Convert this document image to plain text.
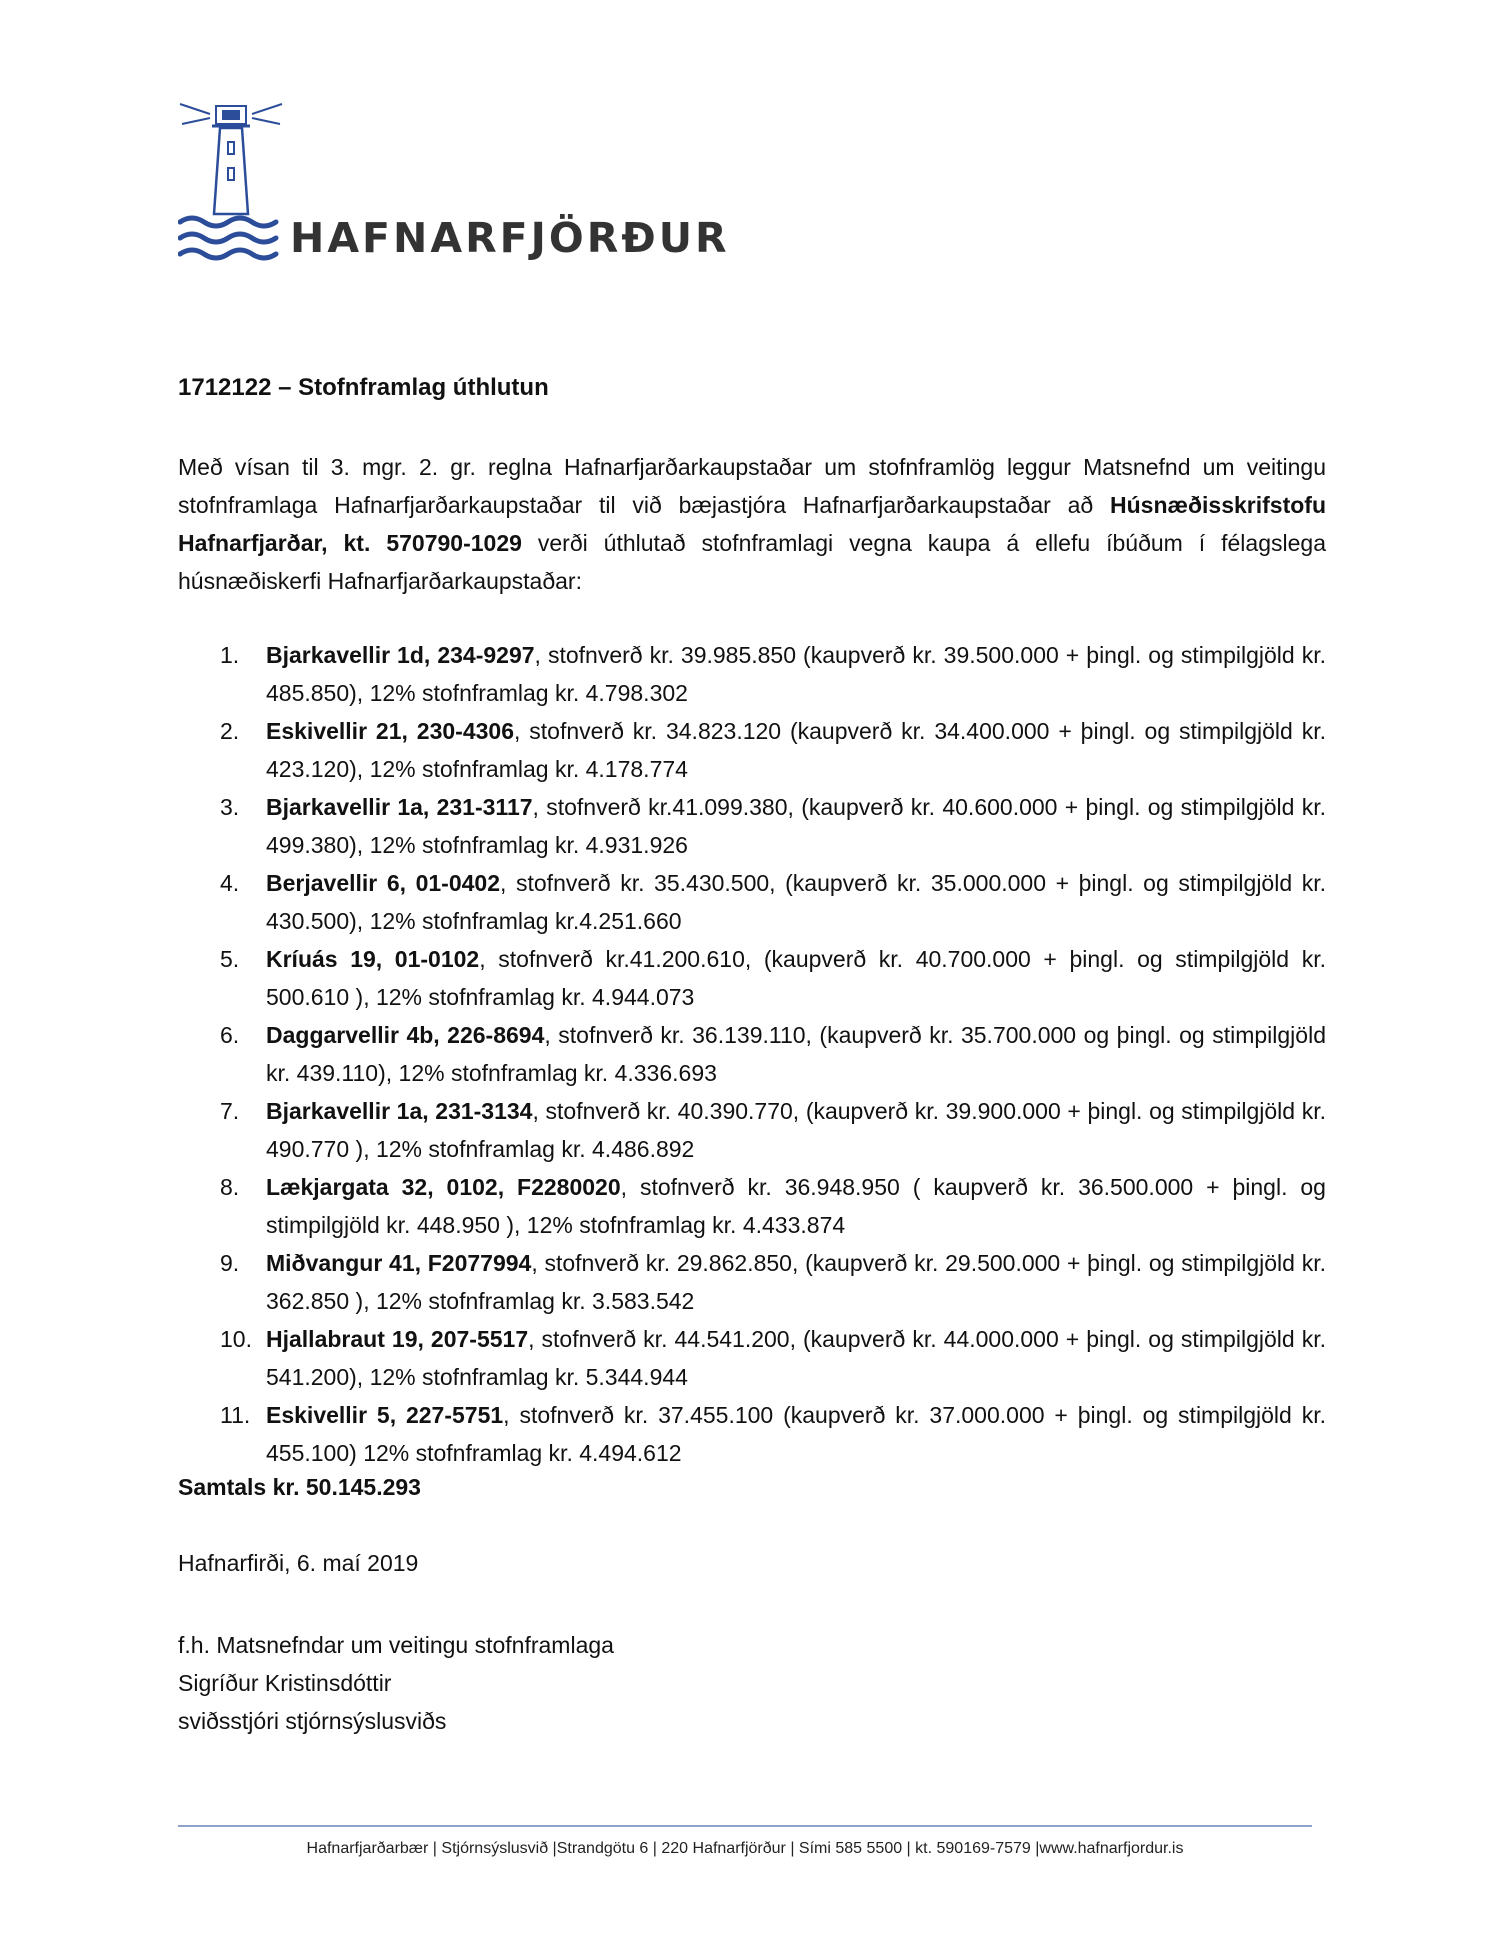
HAFNARFJÖRÐUR
1712122 – Stofnframlag úthlutun

Með vísan til 3. mgr. 2. gr. reglna Hafnarfjarðarkaupstaðar um stofnframlög leggur Matsnefnd um veitingu stofnframlaga Hafnarfjarðarkaupstaðar til við bæjastjóra Hafnarfjarðarkaupstaðar að Húsnæðisskrifstofu Hafnarfjarðar, kt. 570790-1029 verði úthlutað stofnframlagi vegna kaupa á ellefu íbúðum í félagslega húsnæðiskerfi Hafnarfjarðarkaupstaðar:

1.	Bjarkavellir 1d, 234-9297, stofnverð kr. 39.985.850 (kaupverð kr. 39.500.000 + þingl. og stimpilgjöld kr. 485.850), 12% stofnframlag kr. 4.798.302
2.	Eskivellir 21, 230-4306, stofnverð kr. 34.823.120 (kaupverð kr. 34.400.000 + þingl. og stimpilgjöld kr. 423.120), 12% stofnframlag kr. 4.178.774
3.	Bjarkavellir 1a, 231-3117, stofnverð kr.41.099.380, (kaupverð kr. 40.600.000 + þingl. og stimpilgjöld kr. 499.380), 12% stofnframlag kr. 4.931.926
4.	Berjavellir 6, 01-0402, stofnverð kr. 35.430.500, (kaupverð kr. 35.000.000 + þingl. og stimpilgjöld kr. 430.500), 12% stofnframlag kr.4.251.660
5.	Kríuás 19, 01-0102, stofnverð kr.41.200.610, (kaupverð kr. 40.700.000 + þingl. og stimpilgjöld kr. 500.610 ), 12% stofnframlag kr. 4.944.073
6.	Daggarvellir 4b, 226-8694, stofnverð kr. 36.139.110, (kaupverð kr. 35.700.000 og þingl. og stimpilgjöld kr. 439.110), 12% stofnframlag kr. 4.336.693
7.	Bjarkavellir 1a, 231-3134, stofnverð kr. 40.390.770, (kaupverð kr. 39.900.000 + þingl. og stimpilgjöld kr. 490.770 ), 12% stofnframlag kr. 4.486.892
8.	Lækjargata 32, 0102, F2280020, stofnverð kr. 36.948.950 ( kaupverð kr. 36.500.000 + þingl. og stimpilgjöld kr. 448.950 ), 12% stofnframlag kr. 4.433.874
9.	Miðvangur 41, F2077994, stofnverð kr. 29.862.850, (kaupverð kr. 29.500.000 + þingl. og stimpilgjöld kr. 362.850 ), 12% stofnframlag kr. 3.583.542
10. Hjallabraut 19, 207-5517, stofnverð kr. 44.541.200, (kaupverð kr. 44.000.000 + þingl. og stimpilgjöld kr. 541.200), 12% stofnframlag kr. 5.344.944
11. Eskivellir 5, 227-5751, stofnverð kr. 37.455.100 (kaupverð kr. 37.000.000 + þingl. og stimpilgjöld kr. 455.100) 12% stofnframlag kr. 4.494.612
Samtals kr. 50.145.293
Hafnarfirði, 6. maí 2019
f.h. Matsnefndar um veitingu stofnframlaga
Sigríður Kristinsdóttir
sviðsstjóri stjórnsýslusviðs
Hafnarfjarðarbær | Stjórnsýslusvið |Strandgötu 6 | 220 Hafnarfjörður | Sími 585 5500 | kt. 590169-7579 |www.hafnarfjordur.is
